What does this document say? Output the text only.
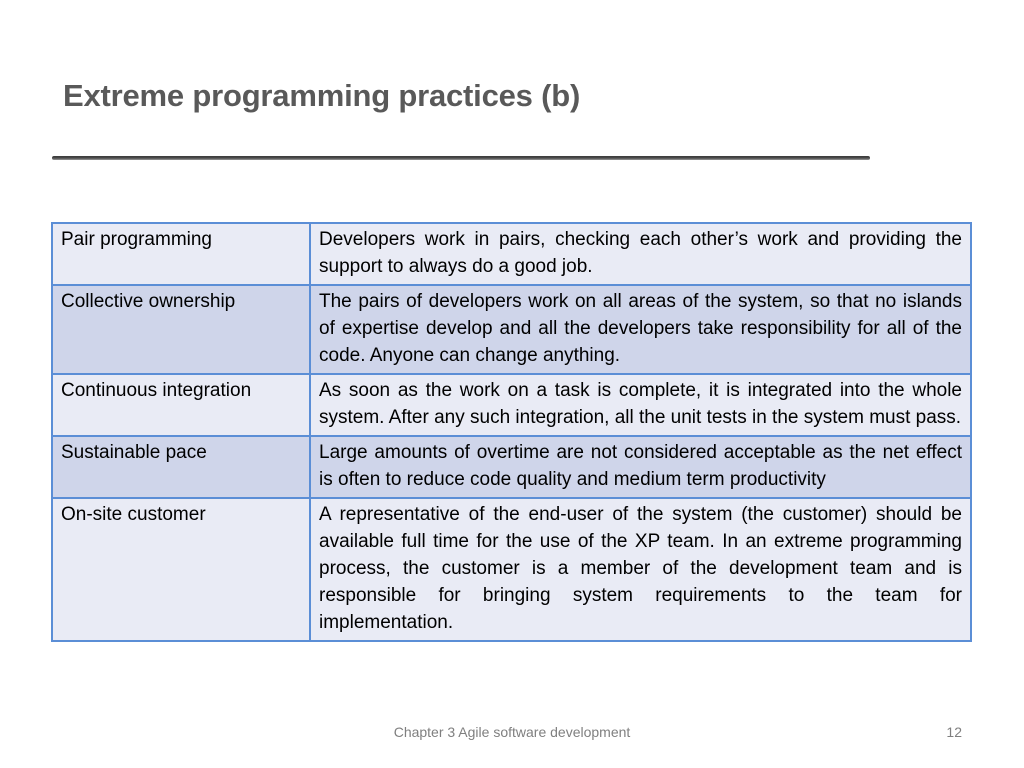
Extreme programming practices (b)
Pair programming	Developers work in pairs, checking each other’s work and providing the support to always do a good job.
Collective ownership	The pairs of developers work on all areas of the system, so that no islands of expertise develop and all the developers take responsibility for all of the code. Anyone can change anything.
Continuous integration	As soon as the work on a task is complete, it is integrated into the whole system. After any such integration, all the unit tests in the system must pass.
Sustainable pace	Large amounts of overtime are not considered acceptable as the net effect is often to reduce code quality and medium term productivity
On-site customer	A representative of the end-user of the system (the customer) should be available full time for the use of the XP team. In an extreme programming process, the customer is a member of the development team and is responsible for bringing system requirements to the team for implementation.
Chapter 3 Agile software development	12
